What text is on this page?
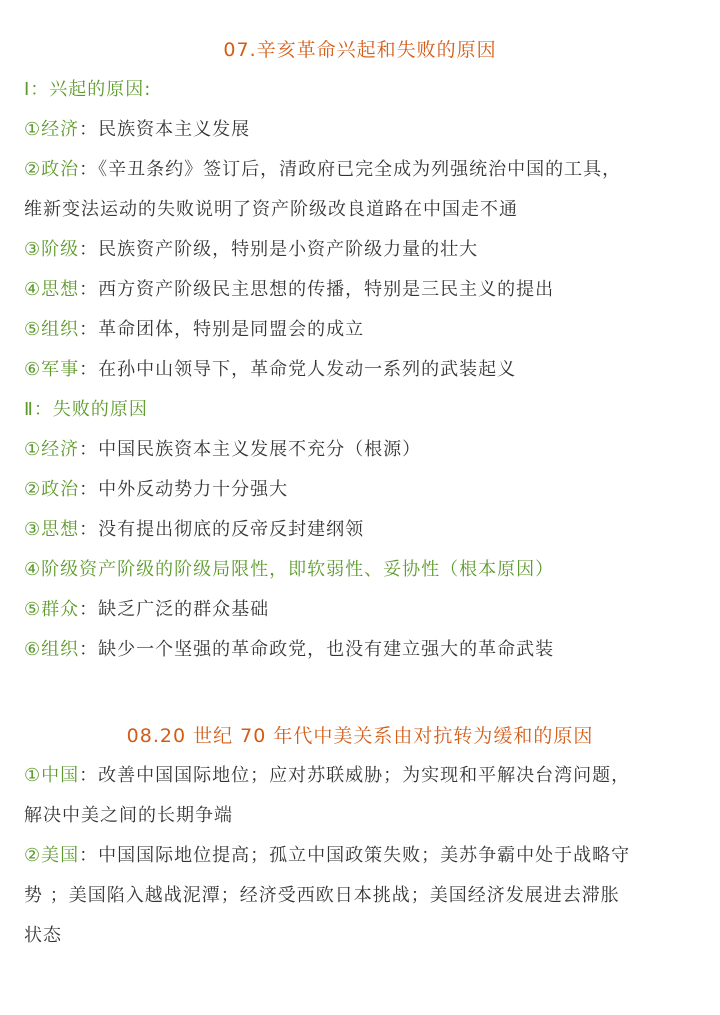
07.辛亥革命兴起和失败的原因
Ⅰ：兴起的原因:
①经济：民族资本主义发展
②政治：《辛丑条约》签订后，清政府已完全成为列强统治中国的工具，
维新变法运动的失败说明了资产阶级改良道路在中国走不通
③阶级：民族资产阶级，特别是小资产阶级力量的壮大
④思想：西方资产阶级民主思想的传播，特别是三民主义的提出
⑤组织：革命团体，特别是同盟会的成立
⑥军事：在孙中山领导下，革命党人发动一系列的武装起义
Ⅱ：失败的原因
①经济：中国民族资本主义发展不充分（根源）
②政治：中外反动势力十分强大
③思想：没有提出彻底的反帝反封建纲领
④阶级资产阶级的阶级局限性，即软弱性、妥协性（根本原因）
⑤群众：缺乏广泛的群众基础
⑥组织：缺少一个坚强的革命政党，也没有建立强大的革命武装
08.20 世纪 70 年代中美关系由对抗转为缓和的原因
①中国：改善中国国际地位；应对苏联威胁；为实现和平解决台湾问题，
解决中美之间的长期争端
②美国：中国国际地位提高；孤立中国政策失败；美苏争霸中处于战略守
势 ；美国陷入越战泥潭；经济受西欧日本挑战；美国经济发展进去滞胀
状态
